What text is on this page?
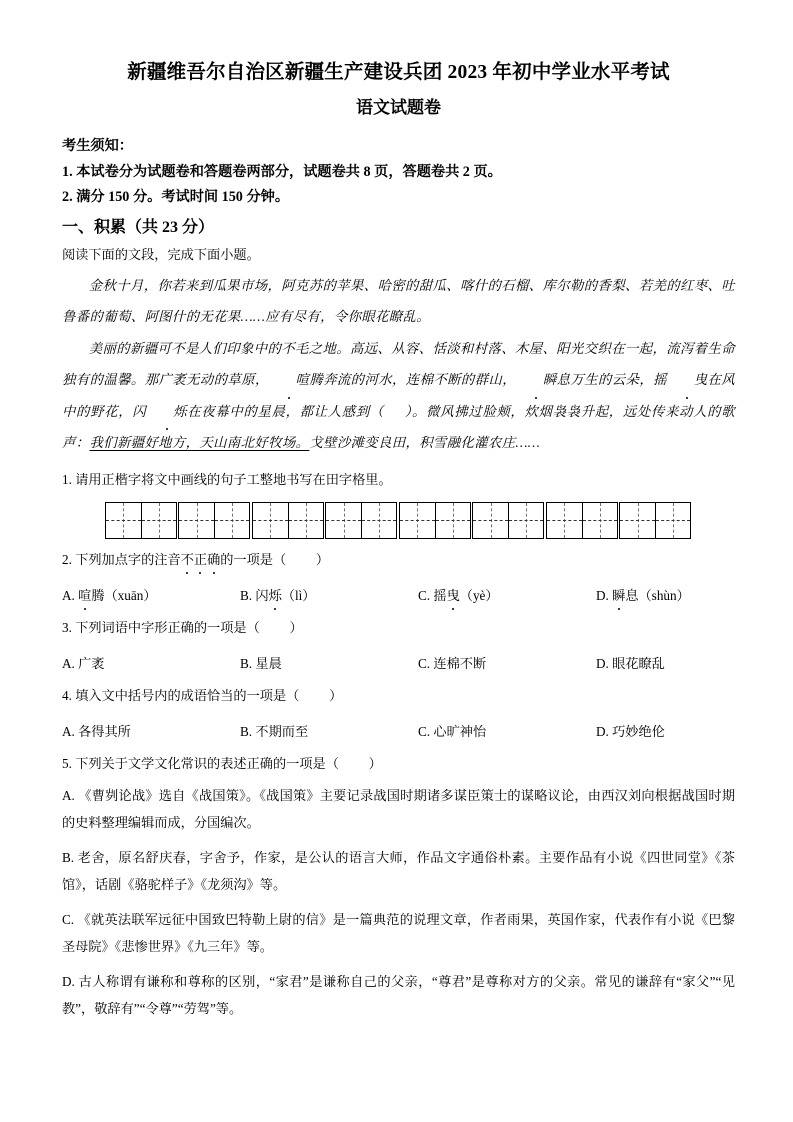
新疆维吾尔自治区新疆生产建设兵团 2023 年初中学业水平考试
语文试题卷

考生须知：

1. 本试卷分为试题卷和答题卷两部分，试题卷共 8 页，答题卷共 2 页。

2. 满分 150 分。考试时间 150 分钟。

一、积累（共 23 分）
阅读下面的文段，完成下面小题。

金秋十月，你若来到瓜果市场，阿克苏的苹果、哈密的甜瓜、喀什的石榴、库尔勒的香梨、若羌的红枣、吐鲁番的葡萄、阿图什的无花果……应有尽有，令你眼花瞭乱。

美丽的新疆可不是人们印象中的不毛之地。高远、从容、恬淡和村落、木屋、阳光交织在一起，流泻着生命独有的温馨。那广袤无动的草原， 喧腾奔流的河水，连棉不断的群山， 瞬息万生的云朵，摇 曳在风中的野花，闪 烁在夜幕中的星晨，都让人感到（ ）。微风拂过脸颊，炊烟袅袅升起，远处传来动人的歌声：我们新疆好地方，天山南北好牧场。戈壁沙滩变良田，积雪融化灌农庄……

1. 请用正楷字将文中画线的句子工整地书写在田字格里。
2. 下列加点字的注音不正确的一项是（ ）
A. 喧腾（xuān）	B. 闪烁（lì）	C. 摇曳（yè）	D. 瞬息（shùn）
3. 下列词语中字形正确的一项是（ ）
A. 广袤	B. 星晨	C. 连棉不断	D. 眼花瞭乱
4. 填入文中括号内的成语恰当的一项是（ ）
A. 各得其所	B. 不期而至	C. 心旷神怡	D. 巧妙绝伦
5. 下列关于文学文化常识的表述正确的一项是（ ）
A. 《曹刿论战》选自《战国策》。《战国策》主要记录战国时期诸多谋臣策士的谋略议论，由西汉刘向根据战国时期的史料整理编辑而成，分国编次。
B. 老舍，原名舒庆春，字舍予，作家，是公认的语言大师，作品文字通俗朴素。主要作品有小说《四世同堂》《茶馆》，话剧《骆驼样子》《龙须沟》等。
C. 《就英法联军远征中国致巴特勒上尉的信》是一篇典范的说理文章，作者雨果，英国作家，代表作有小说《巴黎圣母院》《悲惨世界》《九三年》等。
D. 古人称谓有谦称和尊称的区别，“家君”是谦称自己的父亲，“尊君”是尊称对方的父亲。常见的谦辞有“家父”“见教”，敬辞有”“令尊”“劳驾”等。
